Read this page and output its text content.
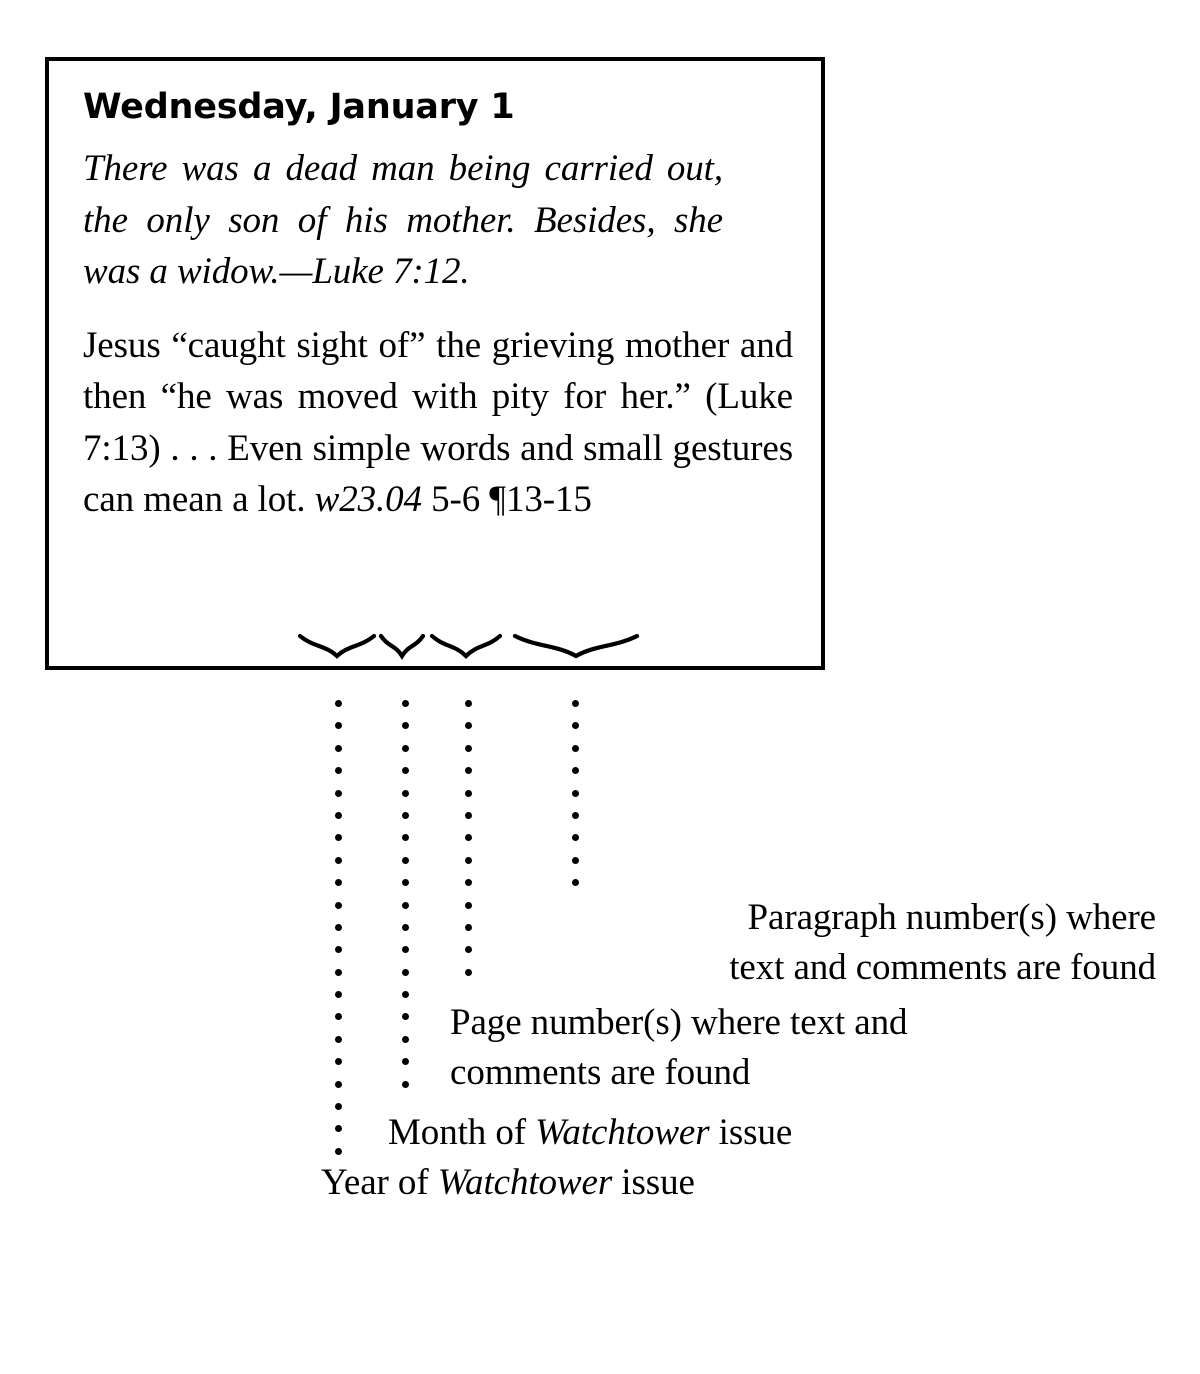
Wednesday, January 1

There was a dead man being carried out, the only son of his mother. Besides, she was a widow.—Luke 7:12.

Jesus “caught sight of” the grieving mother and then “he was moved with pity for her.” (Luke 7:13) . . . Even simple words and small gestures can mean a lot. w23.04 5-6 ¶13-15

Paragraph number(s) where
text and comments are found
Page number(s) where text and
comments are found
Month of Watchtower issue
Year of Watchtower issue
